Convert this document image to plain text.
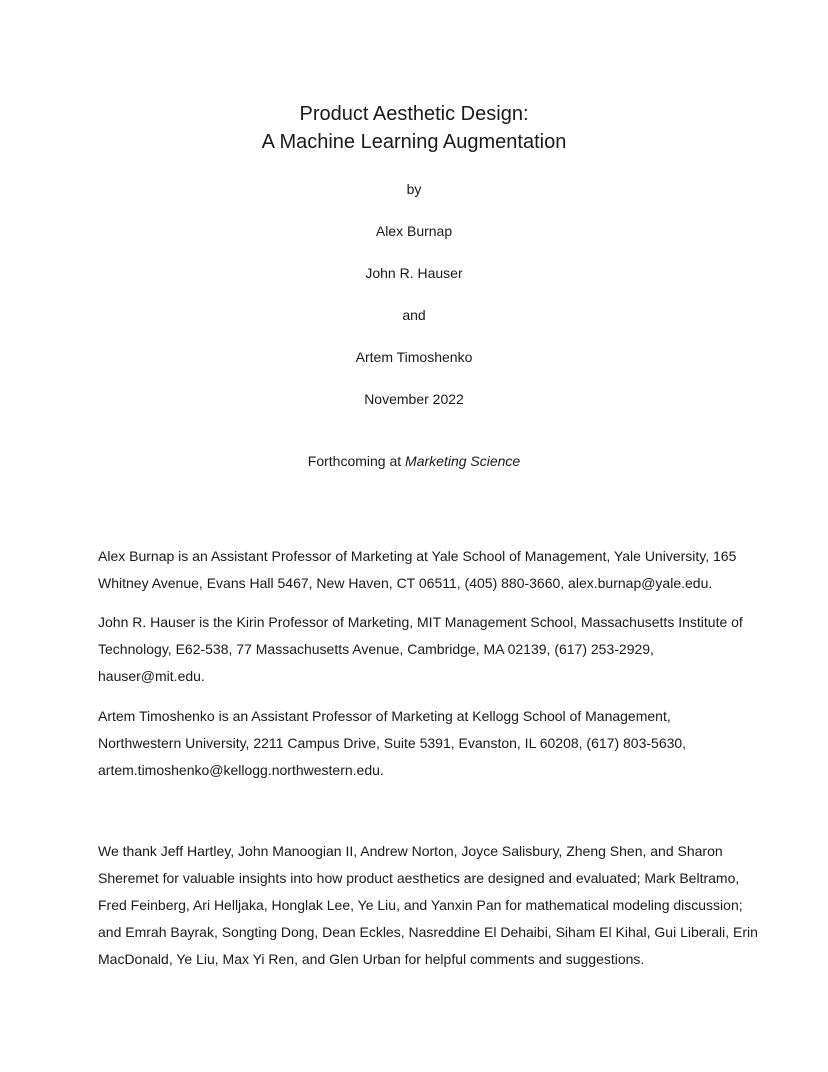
Product Aesthetic Design:
A Machine Learning Augmentation
by
Alex Burnap
John R. Hauser
and
Artem Timoshenko
November 2022
Forthcoming at Marketing Science
Alex Burnap is an Assistant Professor of Marketing at Yale School of Management, Yale University, 165
Whitney Avenue, Evans Hall 5467, New Haven, CT 06511, (405) 880-3660, alex.burnap@yale.edu.
John R. Hauser is the Kirin Professor of Marketing, MIT Management School, Massachusetts Institute of
Technology, E62-538, 77 Massachusetts Avenue, Cambridge, MA 02139, (617) 253-2929,
hauser@mit.edu.
Artem Timoshenko is an Assistant Professor of Marketing at Kellogg School of Management,
Northwestern University, 2211 Campus Drive, Suite 5391, Evanston, IL 60208, (617) 803-5630,
artem.timoshenko@kellogg.northwestern.edu.
We thank Jeff Hartley, John Manoogian II, Andrew Norton, Joyce Salisbury, Zheng Shen, and Sharon
Sheremet for valuable insights into how product aesthetics are designed and evaluated; Mark Beltramo,
Fred Feinberg, Ari Helljaka, Honglak Lee, Ye Liu, and Yanxin Pan for mathematical modeling discussion;
and Emrah Bayrak, Songting Dong, Dean Eckles, Nasreddine El Dehaibi, Siham El Kihal, Gui Liberali, Erin
MacDonald, Ye Liu, Max Yi Ren, and Glen Urban for helpful comments and suggestions.
